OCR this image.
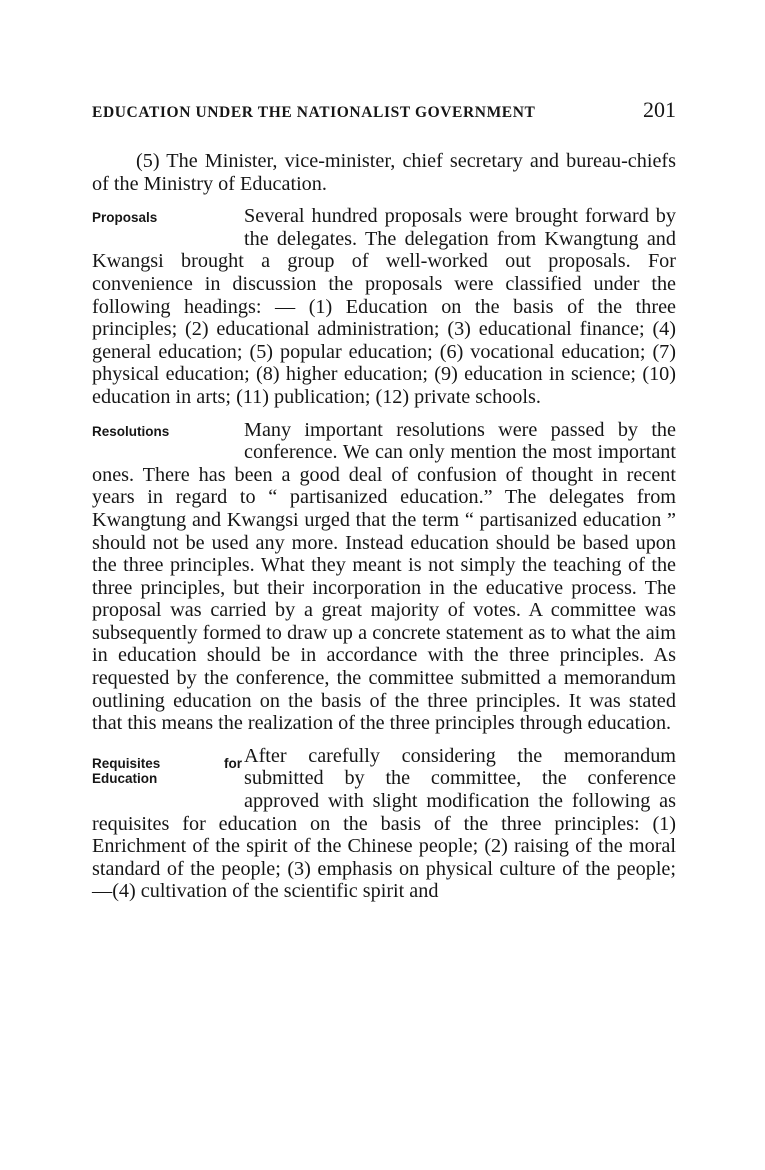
EDUCATION UNDER THE NATIONALIST GOVERNMENT	201

(5) The Minister, vice-minister, chief secretary and bureau-chiefs of the Ministry of Education.

Proposals	Several hundred proposals were brought forward by the delegates. The delegation from Kwangtung and Kwangsi brought a group of well-worked out proposals. For convenience in discussion the proposals were classified under the following headings: — (1) Education on the basis of the three principles; (2) educational administration; (3) educational finance; (4) general education; (5) popular education; (6) vocational education; (7) physical education; (8) higher education; (9) education in science; (10) education in arts; (11) publication; (12) private schools.

Resolutions	Many important resolutions were passed by the conference. We can only mention the most important ones. There has been a good deal of confusion of thought in recent years in regard to “ partisanized education.” The delegates from Kwangtung and Kwangsi urged that the term “ partisanized education ” should not be used any more. Instead education should be based upon the three principles. What they meant is not simply the teaching of the three principles, but their incorporation in the educative process. The proposal was carried by a great majority of votes. A committee was subsequently formed to draw up a concrete statement as to what the aim in education should be in accordance with the three principles. As requested by the conference, the committee submitted a memorandum outlining education on the basis of the three principles. It was stated that this means the realization of the three principles through education.

Requisites for Education

After carefully considering the memorandum submitted by the committee, the conference approved with slight modification the following as requisites for education on the basis of the three principles: (1) Enrichment of the spirit of the Chinese people; (2) raising of the moral standard of the people; (3) emphasis on physical culture of the people;—(4) cultivation of the scientific spirit and
